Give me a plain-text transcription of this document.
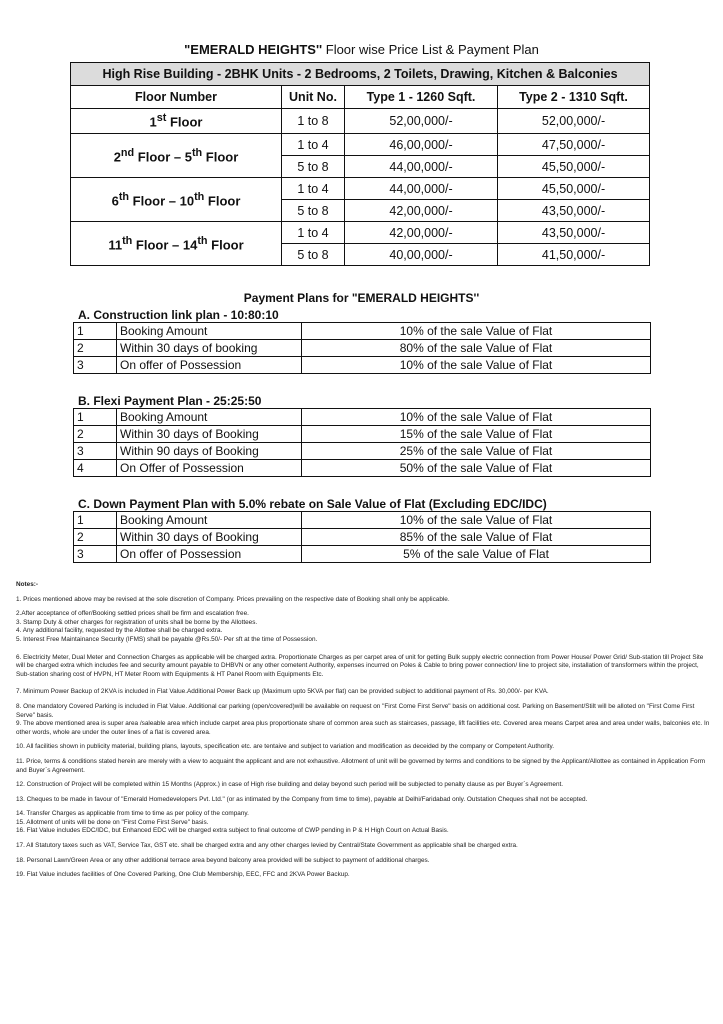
"EMERALD HEIGHTS'' Floor wise Price List & Payment Plan
High Rise Building - 2BHK Units - 2 Bedrooms, 2 Toilets, Drawing, Kitchen & Balconies			
Floor Number	Unit No.	Type 1 - 1260 Sqft.	Type 2 - 1310 Sqft.
1st Floor	1 to 8	52,00,000/-	52,00,000/-
2nd Floor – 5th Floor	1 to 4	46,00,000/-	47,50,000/-
	5 to 8	44,00,000/-	45,50,000/-
6th Floor – 10th Floor	1 to 4	44,00,000/-	45,50,000/-
	5 to 8	42,00,000/-	43,50,000/-
11th Floor – 14th Floor	1 to 4	42,00,000/-	43,50,000/-
	5 to 8	40,00,000/-	41,50,000/-
Payment Plans for "EMERALD HEIGHTS''
A. Construction link plan - 10:80:10
1	Booking Amount	10% of the sale Value of Flat
2	Within 30 days of booking	80% of the sale Value of Flat
3	On offer of Possession	10% of the sale Value of Flat
B. Flexi Payment Plan - 25:25:50
1	Booking Amount	10% of the sale Value of Flat
2	Within 30 days of Booking	15% of the sale Value of Flat
3	Within 90 days of Booking	25% of the sale Value of Flat
4	On Offer of Possession	50% of the sale Value of Flat
C. Down Payment Plan with 5.0% rebate on Sale Value of Flat (Excluding EDC/IDC)
1	Booking Amount	10% of the sale Value of Flat
2	Within 30 days of Booking	85% of the sale Value of Flat
3	On offer of Possession	5% of the sale Value of Flat
Notes:-

1. Prices mentioned above may be revised at the sole discretion of Company. Prices prevailing on the respective date of Booking shall only be applicable.

2.After acceptance of offer/Booking settled prices shall be firm and escalation free.

3. Stamp Duty & other charges for registration of units shall be borne by the Allottees.

4. Any additional facility, requested by the Allottee shall be charged extra.

5. Interest Free Maintainance Security (IFMS) shall be payable @Rs.50/- Per sft at the time of Possession.

6. Electricity Meter, Dual Meter and Connection Charges as applicable will be charged axtra. Proportionate Charges as per carpet area of unit for getting Bulk supply electric connection from Power House/ Power Grid/ Sub-station till Project Site will be charged extra which includes fee and security amount payable to DHBVN or any other cometent Authority, expenses incurred on Poles & Cable to bring power connection/ line to project site, installation of transformers within the project, Sub-station sharing cost of HVPN, HT Meter Room with Equipments & HT Panel Room with Equipments Etc.

7. Minimum Power Backup of 2KVA is included in Flat Value.Additional Power Back up (Maximum upto 5KVA per flat) can be provided subject to additional payment of Rs. 30,000/- per KVA.

8. One mandatory Covered Parking is included in Flat Value. Additional car parking (open/covered)will be available on request on "First Come First Serve" basis on additional cost. Parking on Basement/Stilt will be alloted on "First Come First Serve" basis.

9. The above mentioned area is super area /saleable area which include carpet area plus proportionate share of common area such as staircases, passage, lift facilities etc. Covered area means Carpet area and area under walls, balconies etc. In other words, whole are under the outer lines of a flat is covered area.

10. All facilities shown in publicity material, building plans, layouts, specification etc. are tentaive and subject to variation and modification as deceided by the company or Competent Authority.

11. Price, terms & conditions stated herein are merely with a view to acquaint the applicant and are not exhaustive. Allotment of unit will be governed by terms and conditions to be signed by the Applicant/Allottee as contained in Application Form and Buyer`s Agreement.

12. Construction of Project will be completed within 15 Months (Approx.) in case of High rise building and delay beyond such period will be subjected to penalty clause as per Buyer`s Agreement.

13. Cheques to be made in favour of "Emerald Homedevelopers Pvt. Ltd." (or as intimated by the Company from time to time), payable at Delhi/Faridabad only. Outstation Cheques shall not be accepted.

14. Transfer Charges as applicable from time to time as per policy of the company.

15. Allotment of units will be done on "First Come First Serve" basis.

16. Flat Value includes EDC/IDC, but Enhanced EDC will be charged extra subject to final outcome of CWP pending in P & H High Court on Actual Basis.

17. All Statutory taxes such as VAT, Service Tax, GST etc. shall be charged extra and any other charges levied by Central/State Government as applicable shall be charged extra.

18. Personal Lawn/Green Area or any other additional terrace area beyond balcony area provided will be subject to payment of additional charges.

19. Flat Value includes facilities of One Covered Parking, One Club Membership, EEC, FFC and 2KVA Power Backup.
